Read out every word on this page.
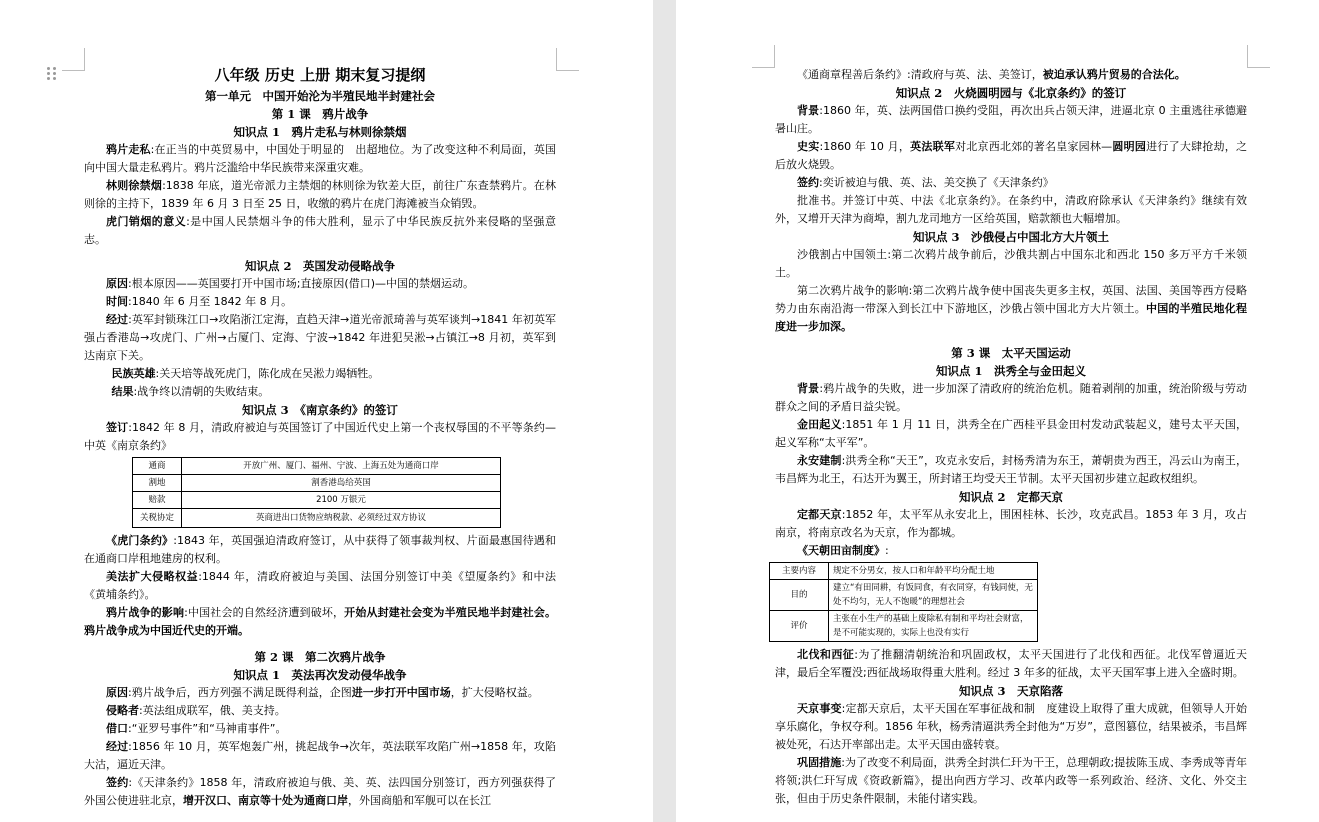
八年级 历史 上册 期末复习提纲
第一单元　中国开始沦为半殖民地半封建社会
第 1 课　鸦片战争
知识点 1　鸦片走私与林则徐禁烟

鸦片走私:在正当的中英贸易中，中国处于明显的　出超地位。为了改变这种不利局面，英国向中国大量走私鸦片。鸦片泛滥给中华民族带来深重灾难。

林则徐禁烟:1838 年底，道光帝派力主禁烟的林则徐为钦差大臣，前往广东查禁鸦片。在林则徐的主持下，1839 年 6 月 3 日至 25 日，收缴的鸦片在虎门海滩被当众销毁。

虎门销烟的意义:是中国人民禁烟斗争的伟大胜利，显示了中华民族反抗外来侵略的坚强意志。

知识点 2　英国发动侵略战争

原因:根本原因——英国要打开中国市场;直接原因(借口)—中国的禁烟运动。

时间:1840 年 6 月至 1842 年 8 月。

经过:英军封锁珠江口→攻陷浙江定海，直趋天津→道光帝派琦善与英军谈判→1841 年初英军强占香港岛→攻虎门、广州→占厦门、定海、宁波→1842 年进犯吴淞→占镇江→8 月初，英军到达南京下关。

民族英雄:关天培等战死虎门，陈化成在吴淞力竭牺牲。

结果:战争终以清朝的失败结束。

知识点 3　《南京条约》的签订

签订:1842 年 8 月，清政府被迫与英国签订了中国近代史上第一个丧权辱国的不平等条约—中英《南京条约》

通商	开放广州、厦门、福州、宁波、上海五处为通商口岸
割地	割香港岛给英国
赔款	2100 万银元
关税协定	英商进出口货物应纳税款、必须经过双方协议

《虎门条约》:1843 年，英国强迫清政府签订，从中获得了领事裁判权、片面最惠国待遇和在通商口岸租地建房的权利。

美法扩大侵略权益:1844 年，清政府被迫与美国、法国分别签订中美《望厦条约》和中法《黄埔条约》。

鸦片战争的影响:中国社会的自然经济遭到破坏，开始从封建社会变为半殖民地半封建社会。鸦片战争成为中国近代史的开端。

第 2 课　第二次鸦片战争
知识点 1　英法再次发动侵华战争

原因:鸦片战争后，西方列强不满足既得利益，企图进一步打开中国市场，扩大侵略权益。

侵略者:英法组成联军，俄、美支持。

借口:“亚罗号事件”和“马神甫事件”。

经过:1856 年 10 月，英军炮轰广州，挑起战争→次年，英法联军攻陷广州→1858 年，攻陷大沽，逼近天津。

签约:《天津条约》1858 年，清政府被迫与俄、美、英、法四国分别签订，西方列强获得了外国公使进驻北京，增开汉口、南京等十处为通商口岸，外国商船和军舰可以在长江

《通商章程善后条约》:清政府与英、法、美签订，被迫承认鸦片贸易的合法化。

知识点 2　火烧圆明园与《北京条约》的签订

背景:1860 年，英、法两国借口换约受阻，再次出兵占领天津，进逼北京 0 主重逃往承德避暑山庄。

史实:1860 年 10 月，英法联军对北京西北郊的著名皇家园林—圆明园进行了大肆抢劫，之后放火烧毁。

签约:奕䜣被迫与俄、英、法、美交换了《天津条约》

批准书。并签订中英、中法《北京条约》。在条约中，清政府除承认《天津条约》继续有效外，又增开天津为商埠，割九龙司地方一区给英国，赔款额也大幅增加。

知识点 3　沙俄侵占中国北方大片领土

沙俄割占中国领土:第二次鸦片战争前后，沙俄共割占中国东北和西北 150 多万平方千米领土。

第二次鸦片战争的影响:第二次鸦片战争使中国丧失更多主权，英国、法国、美国等西方侵略势力由东南沿海一带深入到长江中下游地区，沙俄占领中国北方大片领土。中国的半殖民地化程度进一步加深。

第 3 课　太平天国运动
知识点 1　洪秀全与金田起义

背景:鸦片战争的失败，进一步加深了清政府的统治危机。随着剥削的加重，统治阶级与劳动群众之间的矛盾日益尖锐。

金田起义:1851 年 1 月 11 日，洪秀全在广西桂平县金田村发动武装起义，建号太平天国，起义军称“太平军”。

永安建制:洪秀全称“天王”，攻克永安后，封杨秀清为东王，萧朝贵为西王，冯云山为南王，韦昌辉为北王，石达开为翼王，所封诸王均受天王节制。太平天国初步建立起政权组织。

知识点 2　定都天京

定都天京:1852 年，太平军从永安北上，围困桂林、长沙，攻克武昌。1853 年 3 月，攻占南京，将南京改名为天京，作为都城。

《天朝田亩制度》:

主要内容	规定不分男女，按人口和年龄平均分配土地
目的	建立“有田同耕，有饭同食，有衣同穿，有钱同使，无处不均匀，无人不饱暖”的理想社会
评价	主张在小生产的基础上废除私有制和平均社会财富，是不可能实现的，实际上也没有实行

北伐和西征:为了推翻清朝统治和巩固政权，太平天国进行了北伐和西征。北伐军曾逼近天津，最后全军覆没;西征战场取得重大胜利。经过 3 年多的征战，太平天国军事上进入全盛时期。

知识点 3　天京陷落

天京事变:定都天京后，太平天国在军事征战和制　度建设上取得了重大成就，但领导人开始享乐腐化，争权夺利。1856 年秋，杨秀清逼洪秀全封他为“万岁”，意图篡位，结果被杀，韦昌辉被处死，石达开率部出走。太平天国由盛转衰。

巩固措施:为了改变不利局面，洪秀全封洪仁玕为干王，总理朝政;提拔陈玉成、李秀成等青年将领;洪仁玕写成《资政新篇》，提出向西方学习、改革内政等一系列政治、经济、文化、外交主张，但由于历史条件限制，未能付诸实践。
